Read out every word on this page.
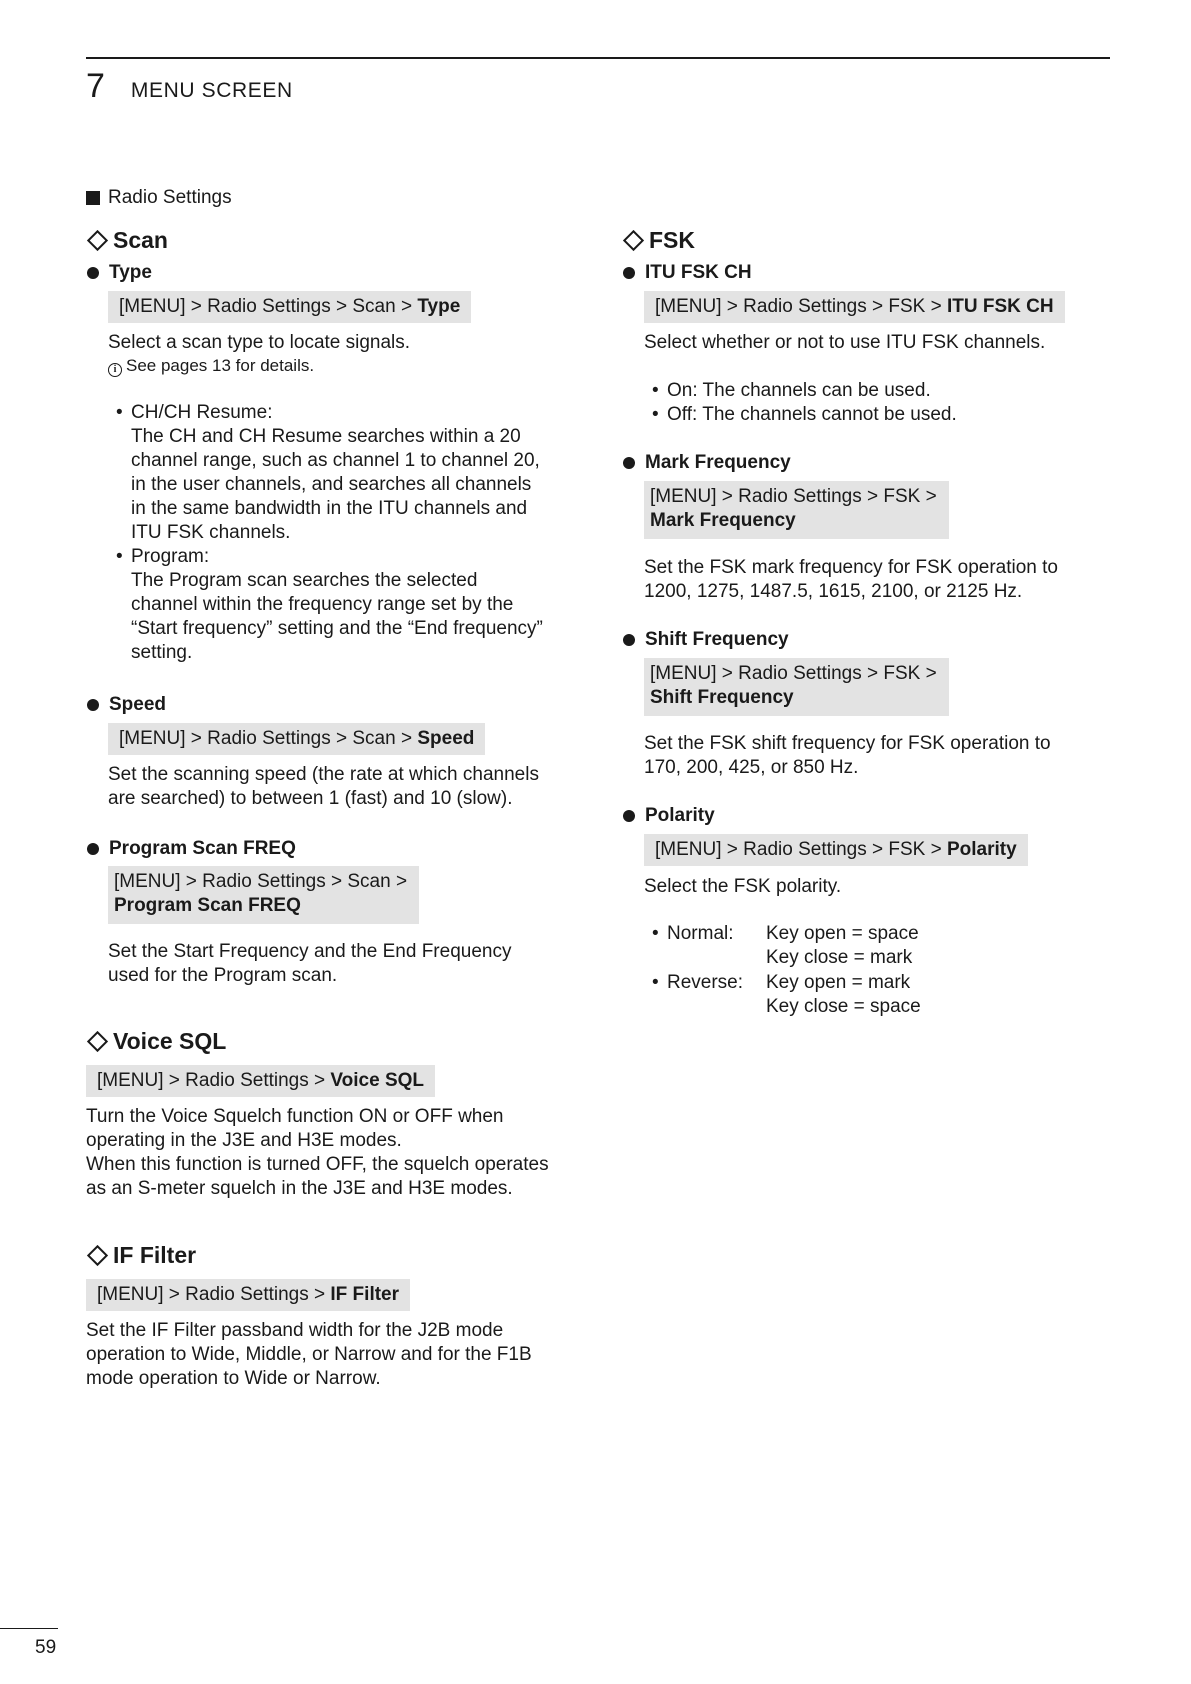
7 MENU SCREEN
Radio Settings
Scan
Type
[MENU] > Radio Settings > Scan > Type
Select a scan type to locate signals.
i See pages 13 for details.
• CH/CH Resume:
The CH and CH Resume searches within a 20
channel range, such as channel 1 to channel 20,
in the user channels, and searches all channels
in the same bandwidth in the ITU channels and
ITU FSK channels.
• Program:
The Program scan searches the selected
channel within the frequency range set by the
“Start frequency” setting and the “End frequency”
setting.
Speed
[MENU] > Radio Settings > Scan > Speed
Set the scanning speed (the rate at which channels
are searched) to between 1 (fast) and 10 (slow).
Program Scan FREQ
[MENU] > Radio Settings > Scan >
Program Scan FREQ
Set the Start Frequency and the End Frequency
used for the Program scan.
Voice SQL
[MENU] > Radio Settings > Voice SQL
Turn the Voice Squelch function ON or OFF when
operating in the J3E and H3E modes.
When this function is turned OFF, the squelch operates
as an S-meter squelch in the J3E and H3E modes.
IF Filter
[MENU] > Radio Settings > IF Filter
Set the IF Filter passband width for the J2B mode
operation to Wide, Middle, or Narrow and for the F1B
mode operation to Wide or Narrow.
FSK
ITU FSK CH
[MENU] > Radio Settings > FSK > ITU FSK CH
Select whether or not to use ITU FSK channels.
• On: The channels can be used.
• Off: The channels cannot be used.
Mark Frequency
[MENU] > Radio Settings > FSK >
Mark Frequency
Set the FSK mark frequency for FSK operation to
1200, 1275, 1487.5, 1615, 2100, or 2125 Hz.
Shift Frequency
[MENU] > Radio Settings > FSK >
Shift Frequency
Set the FSK shift frequency for FSK operation to
170, 200, 425, or 850 Hz.
Polarity
[MENU] > Radio Settings > FSK > Polarity
Select the FSK polarity.
• Normal: Key open = space
Key close = mark
• Reverse: Key open = mark
Key close = space
59
